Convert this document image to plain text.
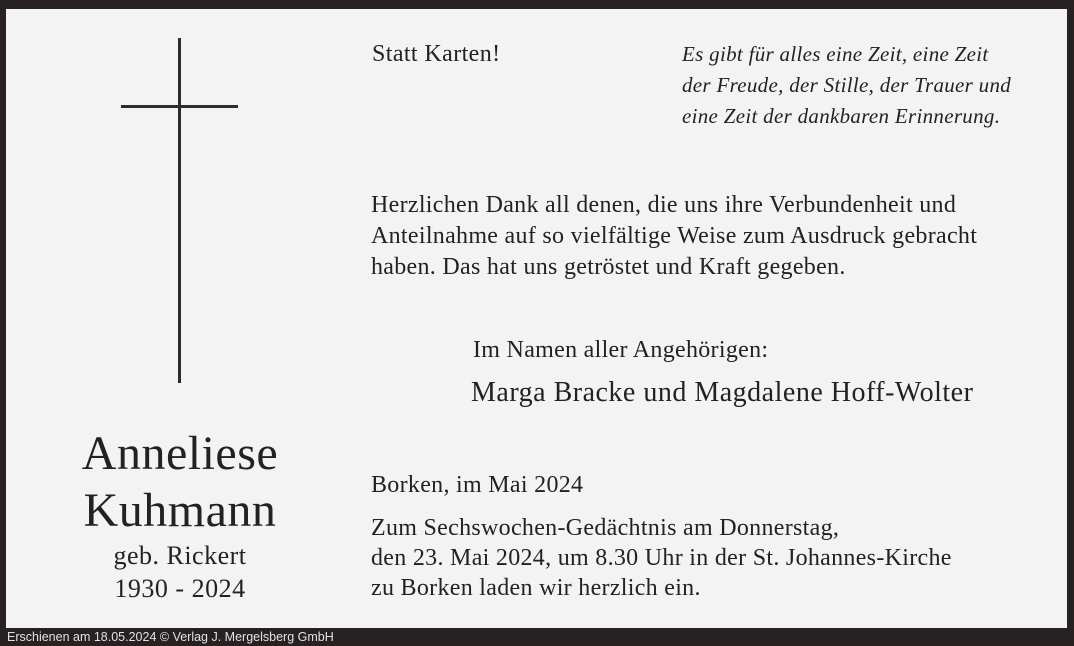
Statt Karten!	Es gibt für alles eine Zeit, eine Zeit
der Freude, der Stille, der Trauer und
eine Zeit der dankbaren Erinnerung.
Herzlichen Dank all denen, die uns ihre Verbundenheit und
Anteilnahme auf so vielfältige Weise zum Ausdruck gebracht
haben. Das hat uns getröstet und Kraft gegeben.
Im Namen aller Angehörigen:
Marga Bracke und Magdalene Hoff-Wolter
Anneliese
Kuhmann
geb. Rickert
1930 - 2024
Borken, im Mai 2024
Zum Sechswochen-Gedächtnis am Donnerstag,
den 23. Mai 2024, um 8.30 Uhr in der St. Johannes-Kirche
zu Borken laden wir herzlich ein.
Erschienen am 18.05.2024 © Verlag J. Mergelsberg GmbH
